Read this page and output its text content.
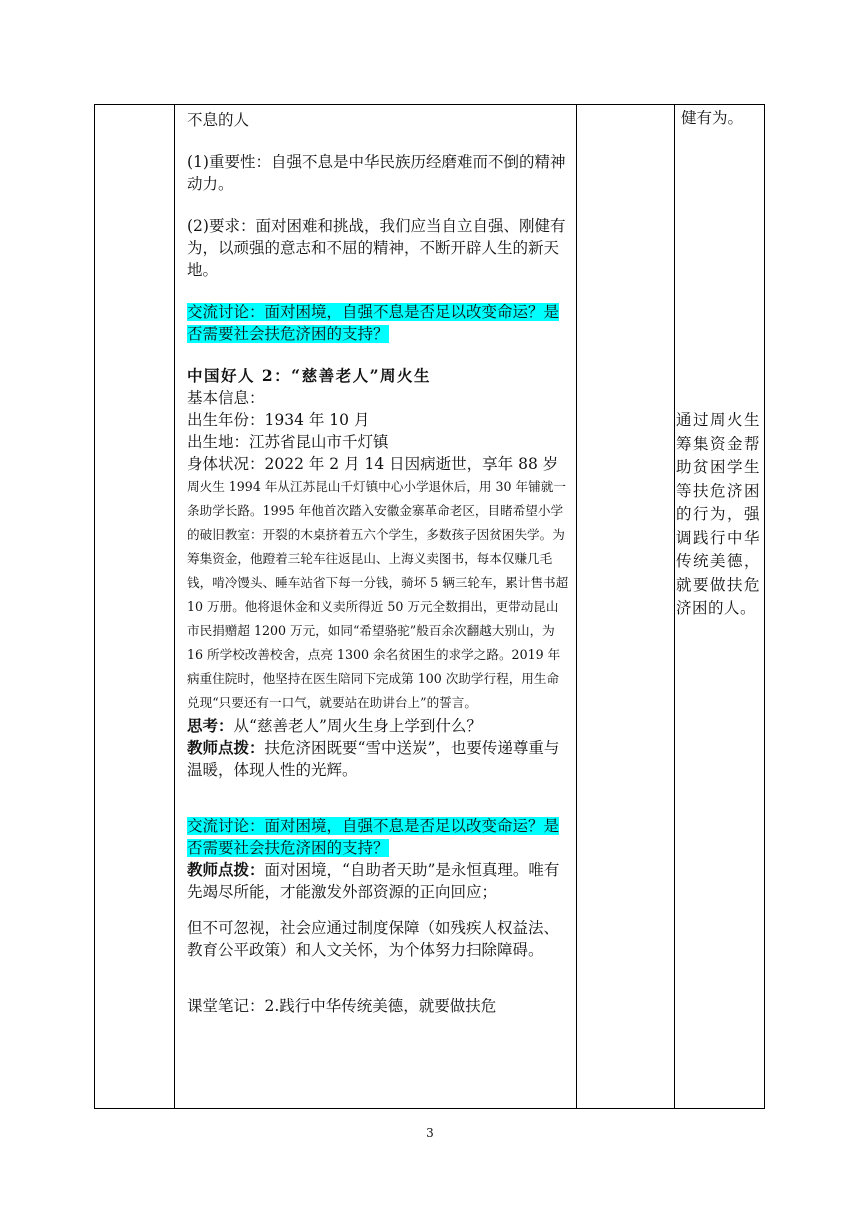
不息的人

(1)重要性：自强不息是中华民族历经磨难而不倒的精神动力。

(2)要求：面对困难和挑战，我们应当自立自强、刚健有为，以顽强的意志和不屈的精神，不断开辟人生的新天地。

交流讨论：面对困境，自强不息是否足以改变命运？是否需要社会扶危济困的支持？

中国好人 2：“慈善老人”周火生

基本信息：

出生年份：1934 年 10 月

出生地：江苏省昆山市千灯镇

身体状况：2022 年 2 月 14 日因病逝世，享年 88 岁

周火生 1994 年从江苏昆山千灯镇中心小学退休后，用 30 年铺就一条助学长路。1995 年他首次踏入安徽金寨革命老区，目睹希望小学的破旧教室：开裂的木桌挤着五六个学生，多数孩子因贫困失学。为筹集资金，他蹬着三轮车往返昆山、上海义卖图书，每本仅赚几毛钱，啃冷馒头、睡车站省下每一分钱，骑坏 5 辆三轮车，累计售书超 10 万册。他将退休金和义卖所得近 50 万元全数捐出，更带动昆山市民捐赠超 1200 万元，如同“希望骆驼”般百余次翻越大别山，为 16 所学校改善校舍，点亮 1300 余名贫困生的求学之路。2019 年病重住院时，他坚持在医生陪同下完成第 100 次助学行程，用生命兑现“只要还有一口气，就要站在助讲台上”的誓言。

思考：从“慈善老人”周火生身上学到什么？

教师点拨：扶危济困既要“雪中送炭”，也要传递尊重与温暖，体现人性的光辉。

交流讨论：面对困境，自强不息是否足以改变命运？是否需要社会扶危济困的支持？

教师点拨：面对困境，“自助者天助”是永恒真理。唯有先竭尽所能，才能激发外部资源的正向回应；

但不可忽视，社会应通过制度保障（如残疾人权益法、教育公平政策）和人文关怀，为个体努力扫除障碍。

课堂笔记：2.践行中华传统美德，就要做扶危

健有为。
通过周火生筹集资金帮助贫困学生等扶危济困的行为，强调践行中华传统美德，就要做扶危济困的人。
3
